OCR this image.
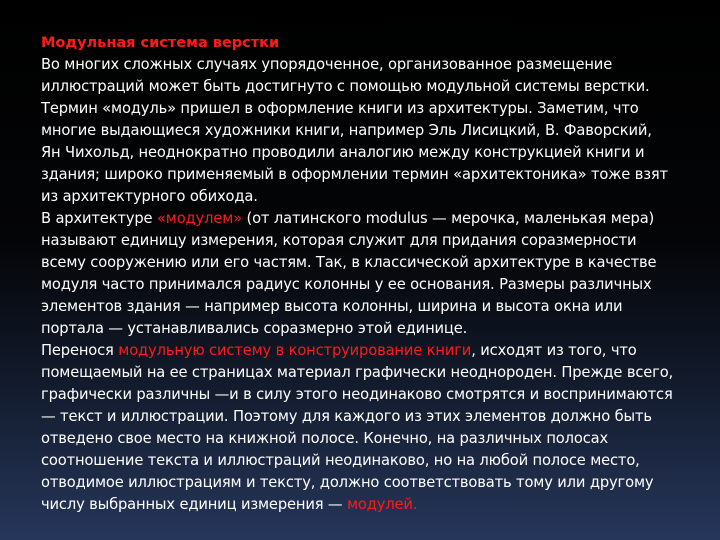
Модульная система верстки
Во многих сложных случаях упорядоченное, организованное размещение
иллюстраций может быть достигнуто с помощью модульной системы верстки.
Термин «модуль» пришел в оформление книги из архитектуры. Заметим, что
многие выдающиеся художники книги, например Эль Лисицкий, В. Фаворский,
Ян Чихольд, неоднократно проводили аналогию между конструкцией книги и
здания; широко применяемый в оформлении термин «архитектоника» тоже взят
из архитектурного обихода.
В архитектуре «модулем» (от латинского modulus — мерочка, маленькая мера)
называют единицу измерения, которая служит для придания соразмерности
всему сооружению или его частям. Так, в классической архитектуре в качестве
модуля часто принимался радиус колонны у ее основания. Размеры различных
элементов здания — например высота колонны, ширина и высота окна или
портала — устанавливались соразмерно этой единице.
Перенося модульную систему в конструирование книги, исходят из того, что
помещаемый на ее страницах материал графически неоднороден. Прежде всего,
графически различны —и в силу этого неодинаково смотрятся и воспринимаются
— текст и иллюстрации. Поэтому для каждого из этих элементов должно быть
отведено свое место на книжной полосе. Конечно, на различных полосах
соотношение текста и иллюстраций неодинаково, но на любой полосе место,
отводимое иллюстрациям и тексту, должно соответствовать тому или другому
числу выбранных единиц измерения — модулей.
